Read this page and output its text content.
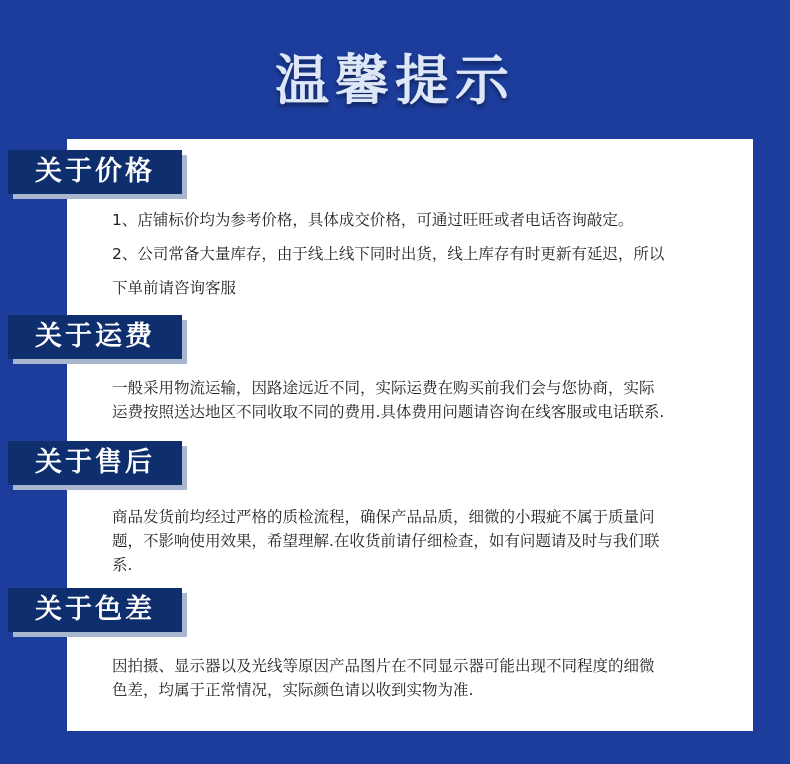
温馨提示
关于价格

1、店铺标价均为参考价格，具体成交价格，可通过旺旺或者电话咨询敲定。

2、公司常备大量库存，由于线上线下同时出货，线上库存有时更新有延迟，所以

下单前请咨询客服

关于运费

一般采用物流运输，因路途远近不同，实际运费在购买前我们会与您协商，实际

运费按照送达地区不同收取不同的费用.具体费用问题请咨询在线客服或电话联系.

关于售后

商品发货前均经过严格的质检流程，确保产品品质，细微的小瑕疵不属于质量问

题，不影响使用效果，希望理解.在收货前请仔细检查，如有问题请及时与我们联

系.

关于色差

因拍摄、显示器以及光线等原因产品图片在不同显示器可能出现不同程度的细微

色差，均属于正常情况，实际颜色请以收到实物为准.
